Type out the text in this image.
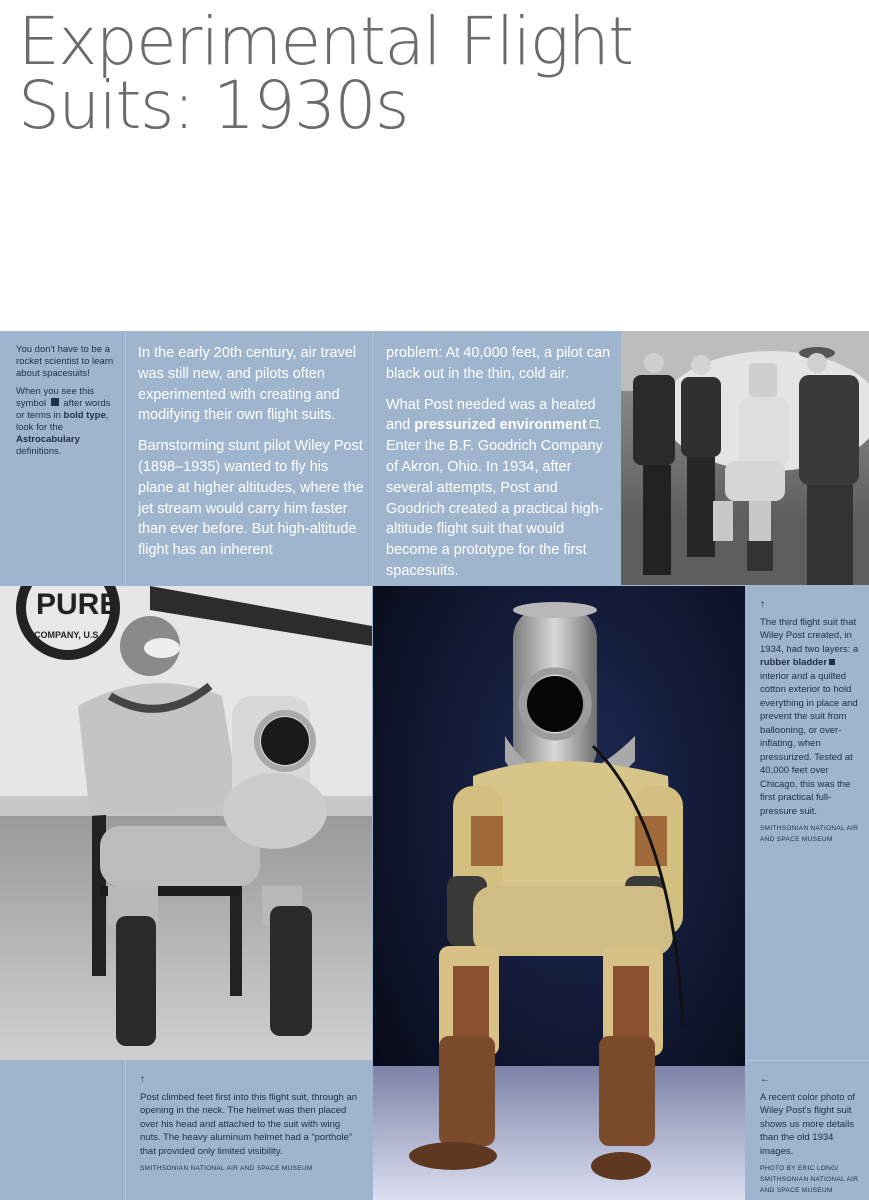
Experimental Flight
Suits: 1930s

You don't have to be a rocket scientist to learn about spacesuits!

When you see this symbol after words or terms in bold type, look for the Astrocabulary definitions.

In the early 20th century, air travel was still new, and pilots often experimented with creating and modifying their own flight suits.

Barnstorming stunt pilot Wiley Post (1898–1935) wanted to fly his plane at higher altitudes, where the jet stream would carry him faster than ever before. But high-altitude flight has an inherent

problem: At 40,000 feet, a pilot can black out in the thin, cold air.

What Post needed was a heated and pressurized environment . Enter the B.F. Goodrich Company of Akron, Ohio. In 1934, after several attempts, Post and Goodrich created a practical high-altitude flight suit that would become a prototype for the first spacesuits.

PURE
COMPANY, U.S.A.
↑
The third flight suit that Wiley Post created, in 1934, had two layers: a rubber bladder interior and a quilted cotton exterior to hold everything in place and prevent the suit from ballooning, or over-inflating, when pressurized. Tested at 40,000 feet over Chicago, this was the first practical full-pressure suit.
SMITHSONIAN NATIONAL AIR AND SPACE MUSEUM
↑
Post climbed feet first into this flight suit, through an opening in the neck. The helmet was then placed over his head and attached to the suit with wing nuts. The heavy aluminum helmet had a “porthole” that provided only limited visibility.
SMITHSONIAN NATIONAL AIR AND SPACE MUSEUM
←
A recent color photo of Wiley Post's flight suit shows us more details than the old 1934 images.
PHOTO BY ERIC LONG/ SMITHSONIAN NATIONAL AIR AND SPACE MUSEUM
